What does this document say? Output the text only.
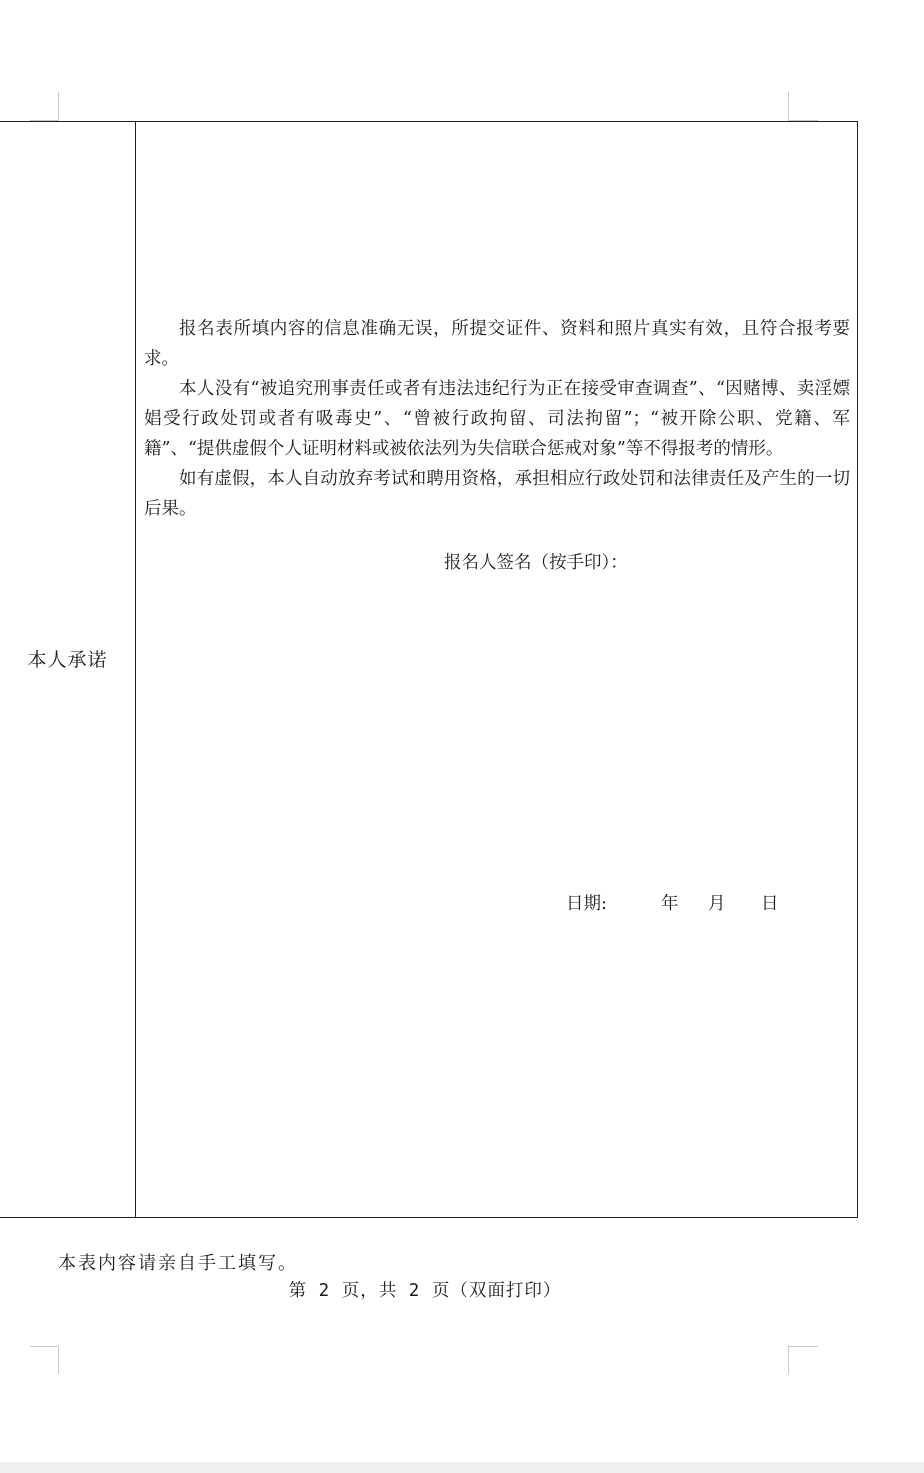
本人承诺

报名表所填内容的信息准确无误，所提交证件、资料和照片真实有效，且符合报考要求。

本人没有“被追究刑事责任或者有违法违纪行为正在接受审查调查”、“因赌博、卖淫嫖娼受行政处罚或者有吸毒史”、“曾被行政拘留、司法拘留”；“被开除公职、党籍、军籍”、“提供虚假个人证明材料或被依法列为失信联合惩戒对象”等不得报考的情形。

如有虚假，本人自动放弃考试和聘用资格，承担相应行政处罚和法律责任及产生的一切后果。

报名人签名（按手印）：
日期:	年 月 日
本表内容请亲自手工填写。
第 2 页，共 2 页（双面打印）
